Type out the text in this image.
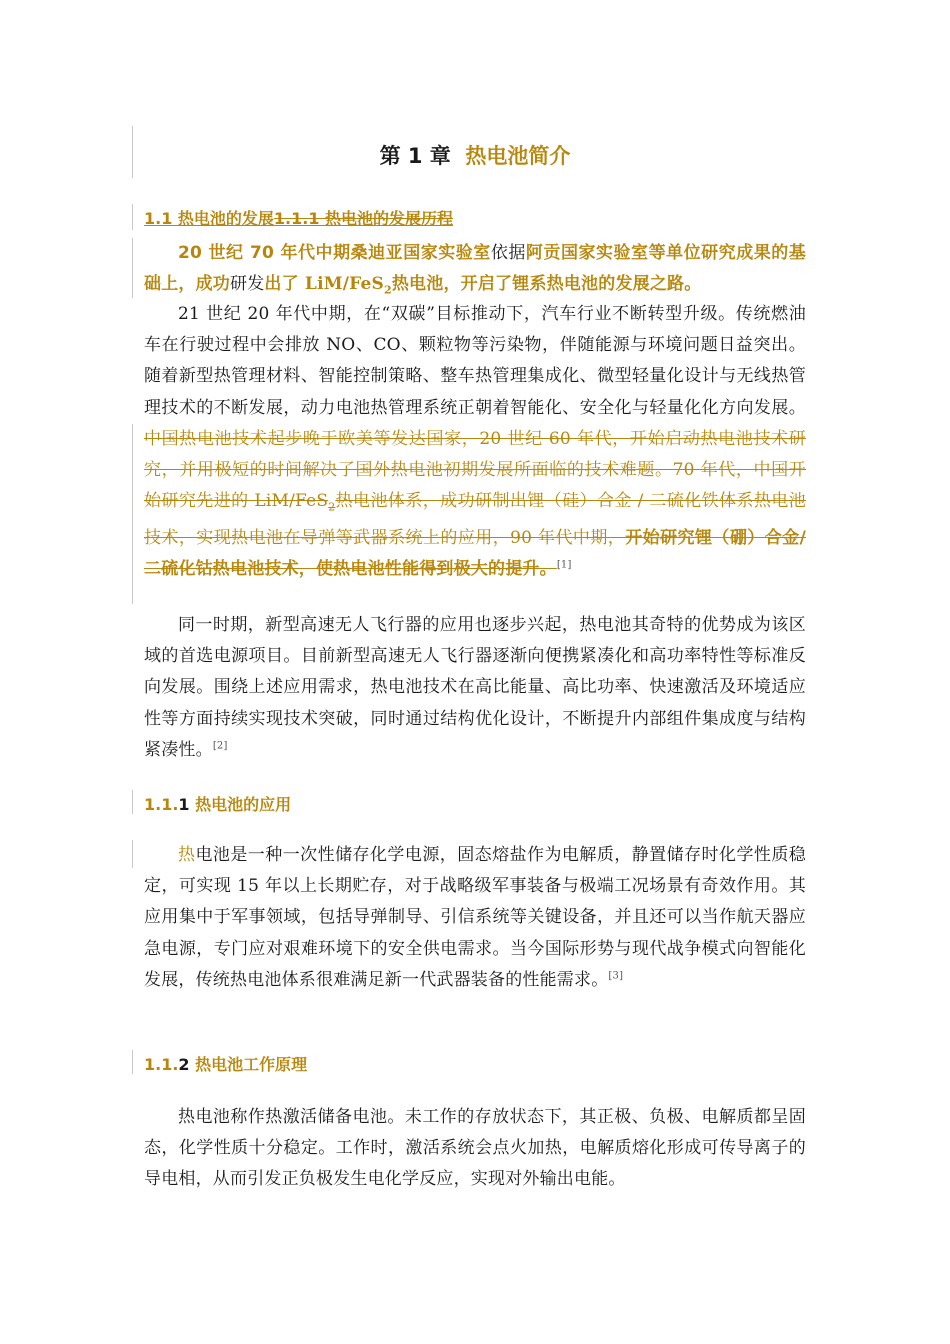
第 1 章 热电池简介
1.1 热电池的发展1.1.1 热电池的发展历程
20 世纪 70 年代中期桑迪亚国家实验室依据阿贡国家实验室等单位研究成果的基础上，成功研发出了 LiM/FeS$_2$热电池，开启了锂系热电池的发展之路。
21 世纪 20 年代中期，在“双碳”目标推动下，汽车行业不断转型升级。传统燃油车在行驶过程中会排放 NO、CO、颗粒物等污染物，伴随能源与环境问题日益突出。随着新型热管理材料、智能控制策略、整车热管理集成化、微型轻量化设计与无线热管理技术的不断发展，动力电池热管理系统正朝着智能化、安全化与轻量化化方向发展。中国热电池技术起步晚于欧美等发达国家，20 世纪 60 年代，开始启动热电池技术研究，并用极短的时间解决了国外热电池初期发展所面临的技术难题。70 年代，中国开始研究先进的 LiM/FeS$_2$热电池体系，成功研制出锂（硅）合金 / 二硫化铁体系热电池技术，实现热电池在导弹等武器系统上的应用，90 年代中期，开始研究锂（硼）合金/二硫化钴热电池技术，使热电池性能得到极大的提升。[1]
同一时期，新型高速无人飞行器的应用也逐步兴起，热电池其奇特的优势成为该区域的首选电源项目。目前新型高速无人飞行器逐渐向便携紧凑化和高功率特性等标准反向发展。围绕上述应用需求，热电池技术在高比能量、高比功率、快速激活及环境适应性等方面持续实现技术突破，同时通过结构优化设计，不断提升内部组件集成度与结构紧凑性。[2]
1.1.1 热电池的应用
热电池是一种一次性储存化学电源，固态熔盐作为电解质，静置储存时化学性质稳定，可实现 15 年以上长期贮存，对于战略级军事装备与极端工况场景有奇效作用。其应用集中于军事领域，包括导弹制导、引信系统等关键设备，并且还可以当作航天器应急电源，专门应对艰难环境下的安全供电需求。当今国际形势与现代战争模式向智能化发展，传统热电池体系很难满足新一代武器装备的性能需求。[3]
1.1.2 热电池工作原理
热电池称作热激活储备电池。未工作的存放状态下，其正极、负极、电解质都呈固态，化学性质十分稳定。工作时，激活系统会点火加热，电解质熔化形成可传导离子的导电相，从而引发正负极发生电化学反应，实现对外输出电能。
